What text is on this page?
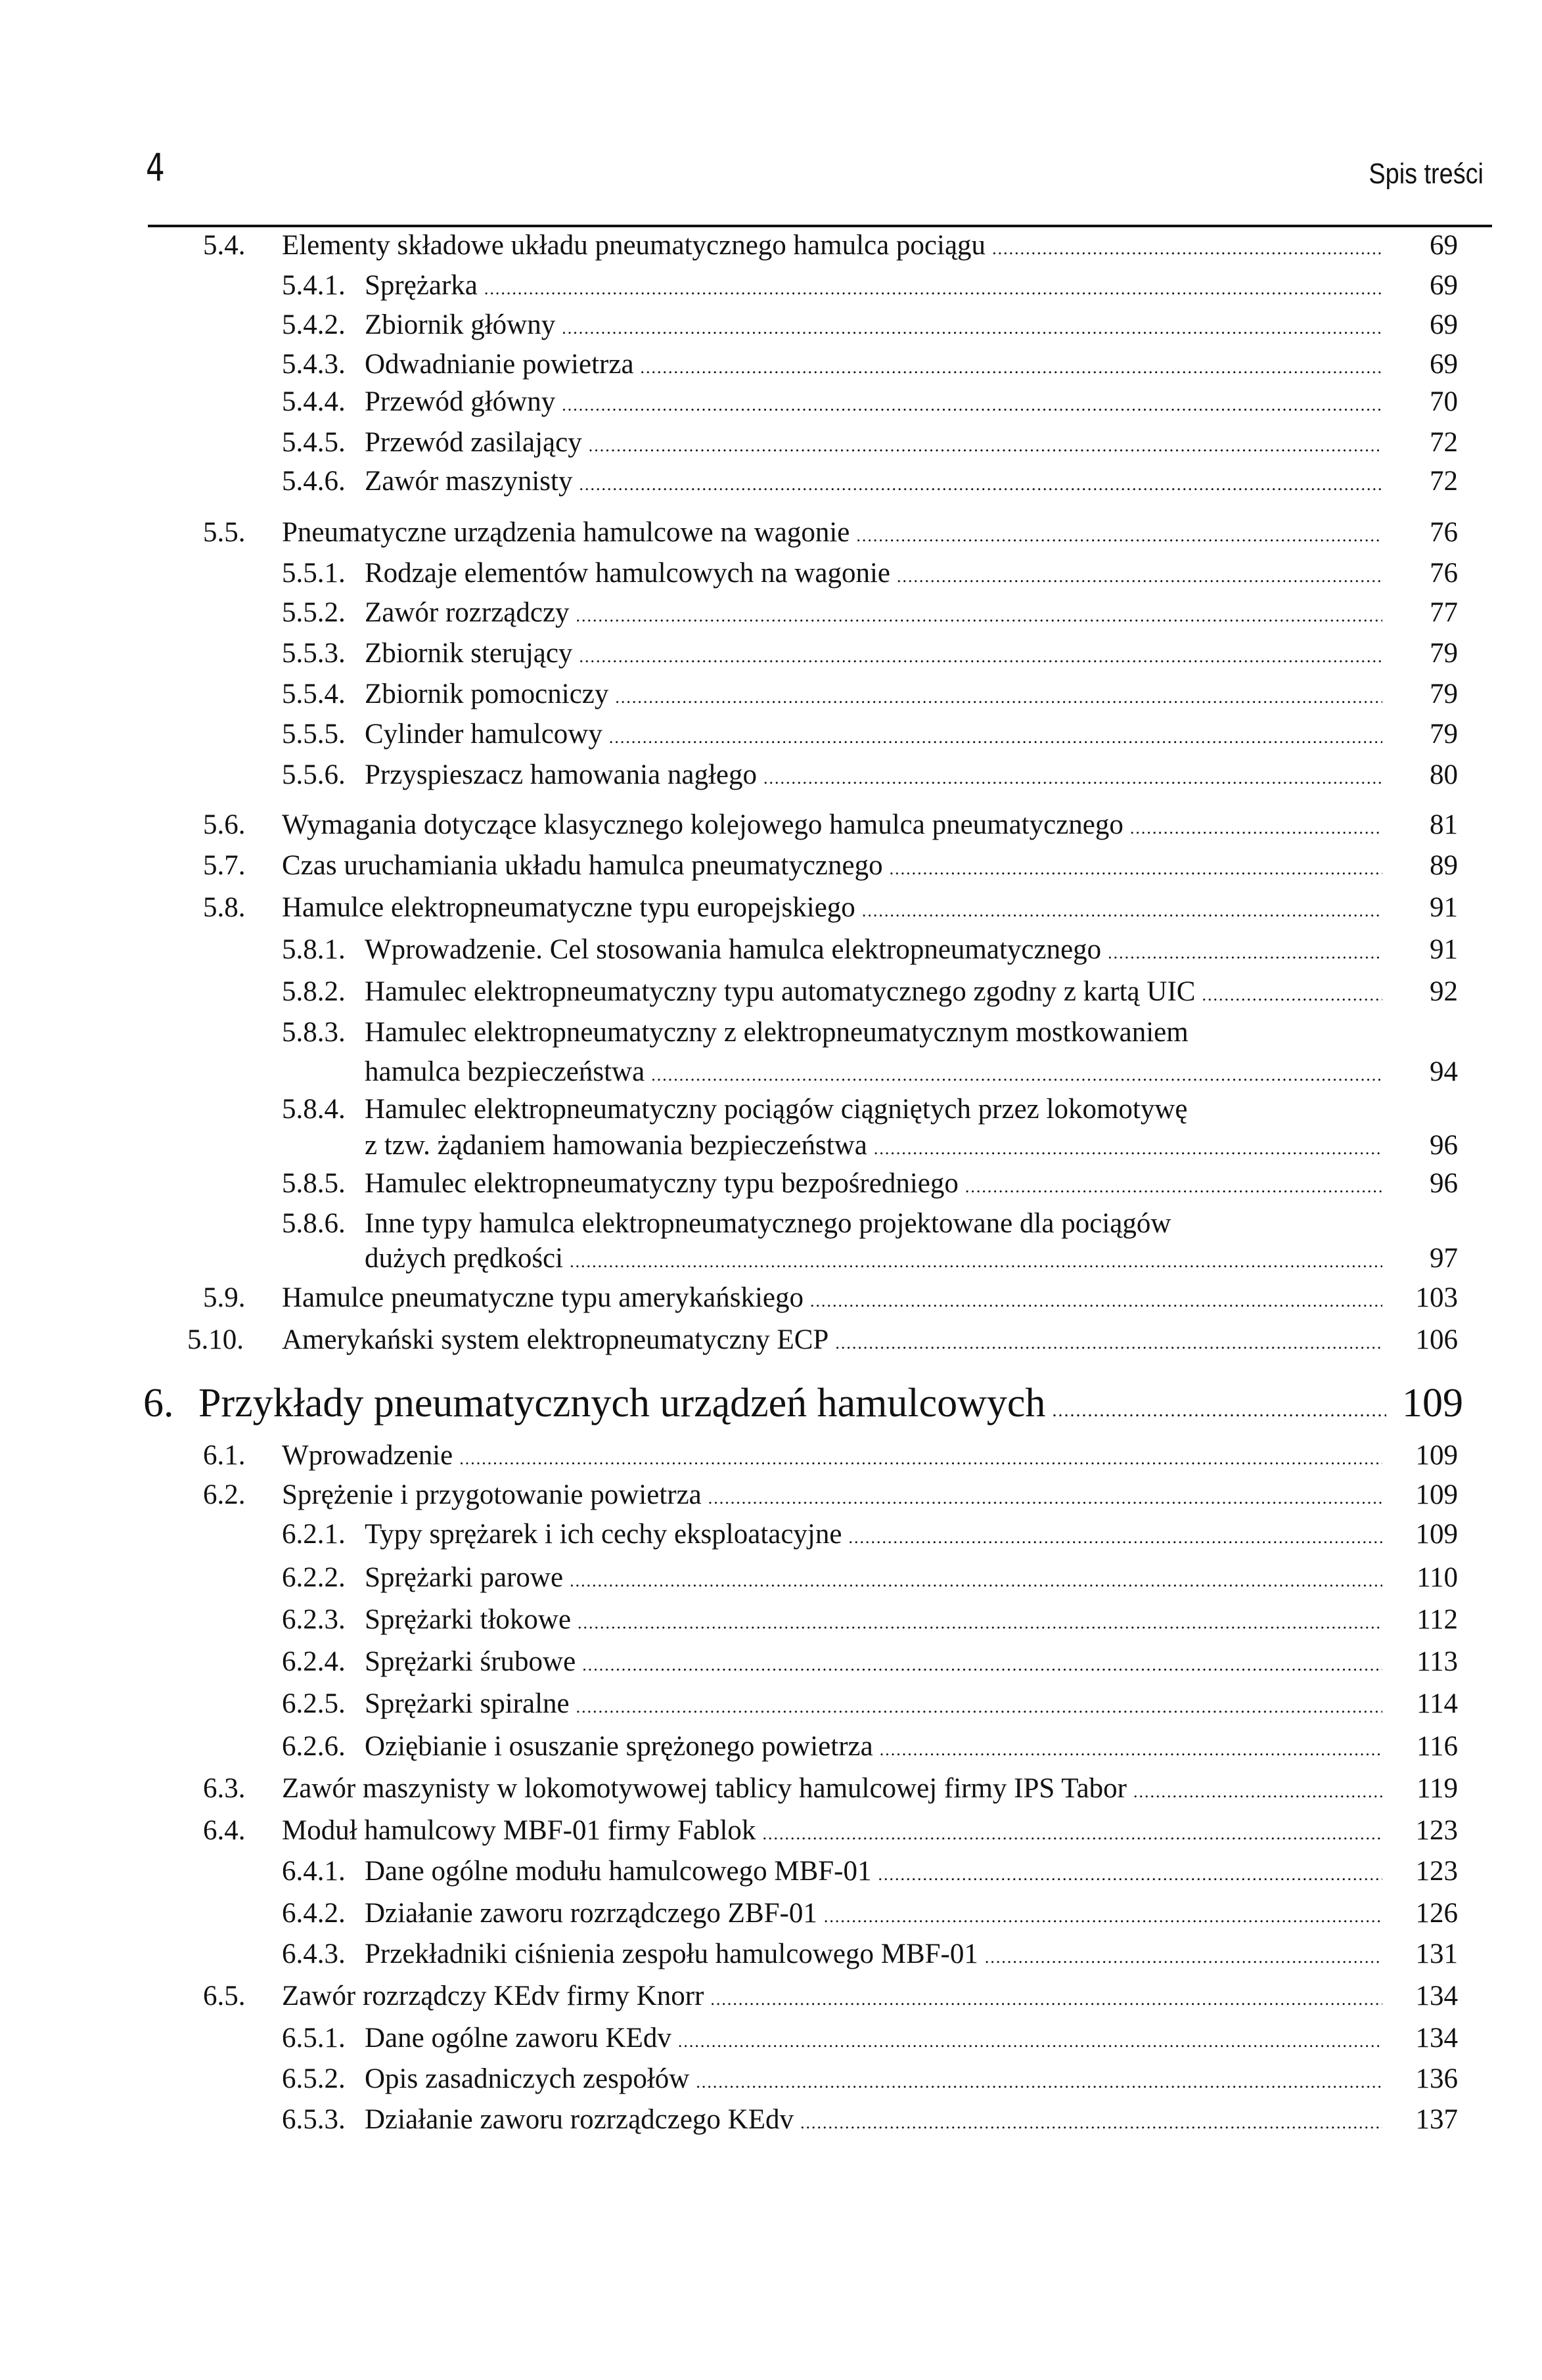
4	Spis treści
5.4. Elementy składowe układu pneumatycznego hamulca pociągu .....	69
5.4.1. Sprężarka .....	69
5.4.2. Zbiornik główny .....	69
5.4.3. Odwadnianie powietrza .....	69
5.4.4. Przewód główny .....	70
5.4.5. Przewód zasilający .....	72
5.4.6. Zawór maszynisty .....	72
5.5. Pneumatyczne urządzenia hamulcowe na wagonie .....	76
5.5.1. Rodzaje elementów hamulcowych na wagonie .....	76
5.5.2. Zawór rozrządczy .....	77
5.5.3. Zbiornik sterujący .....	79
5.5.4. Zbiornik pomocniczy .....	79
5.5.5. Cylinder hamulcowy .....	79
5.5.6. Przyspieszacz hamowania nagłego .....	80
5.6. Wymagania dotyczące klasycznego kolejowego hamulca pneumatycznego .....	81
5.7. Czas uruchamiania układu hamulca pneumatycznego .....	89
5.8. Hamulce elektropneumatyczne typu europejskiego .....	91
5.8.1. Wprowadzenie. Cel stosowania hamulca elektropneumatycznego .....	91
5.8.2. Hamulec elektropneumatyczny typu automatycznego zgodny z kartą UIC .....	92
5.8.3. Hamulec elektropneumatyczny z elektropneumatycznym mostkowaniem
hamulca bezpieczeństwa .....	94
5.8.4. Hamulec elektropneumatyczny pociągów ciągniętych przez lokomotywę
z tzw. żądaniem hamowania bezpieczeństwa .....	96
5.8.5. Hamulec elektropneumatyczny typu bezpośredniego .....	96
5.8.6. Inne typy hamulca elektropneumatycznego projektowane dla pociągów
dużych prędkości .....	97
5.9. Hamulce pneumatyczne typu amerykańskiego .....	103
5.10. Amerykański system elektropneumatyczny ECP .....	106
6. Przykłady pneumatycznych urządzeń hamulcowych .....	109
6.1. Wprowadzenie .....	109
6.2. Sprężenie i przygotowanie powietrza .....	109
6.2.1. Typy sprężarek i ich cechy eksploatacyjne .....	109
6.2.2. Sprężarki parowe .....	110
6.2.3. Sprężarki tłokowe .....	112
6.2.4. Sprężarki śrubowe .....	113
6.2.5. Sprężarki spiralne .....	114
6.2.6. Oziębianie i osuszanie sprężonego powietrza .....	116
6.3. Zawór maszynisty w lokomotywowej tablicy hamulcowej firmy IPS Tabor .....	119
6.4. Moduł hamulcowy MBF-01 firmy Fablok .....	123
6.4.1. Dane ogólne modułu hamulcowego MBF-01 .....	123
6.4.2. Działanie zaworu rozrządczego ZBF-01 .....	126
6.4.3. Przekładniki ciśnienia zespołu hamulcowego MBF-01 .....	131
6.5. Zawór rozrządczy KEdv firmy Knorr .....	134
6.5.1. Dane ogólne zaworu KEdv .....	134
6.5.2. Opis zasadniczych zespołów .....	136
6.5.3. Działanie zaworu rozrządczego KEdv .....	137
